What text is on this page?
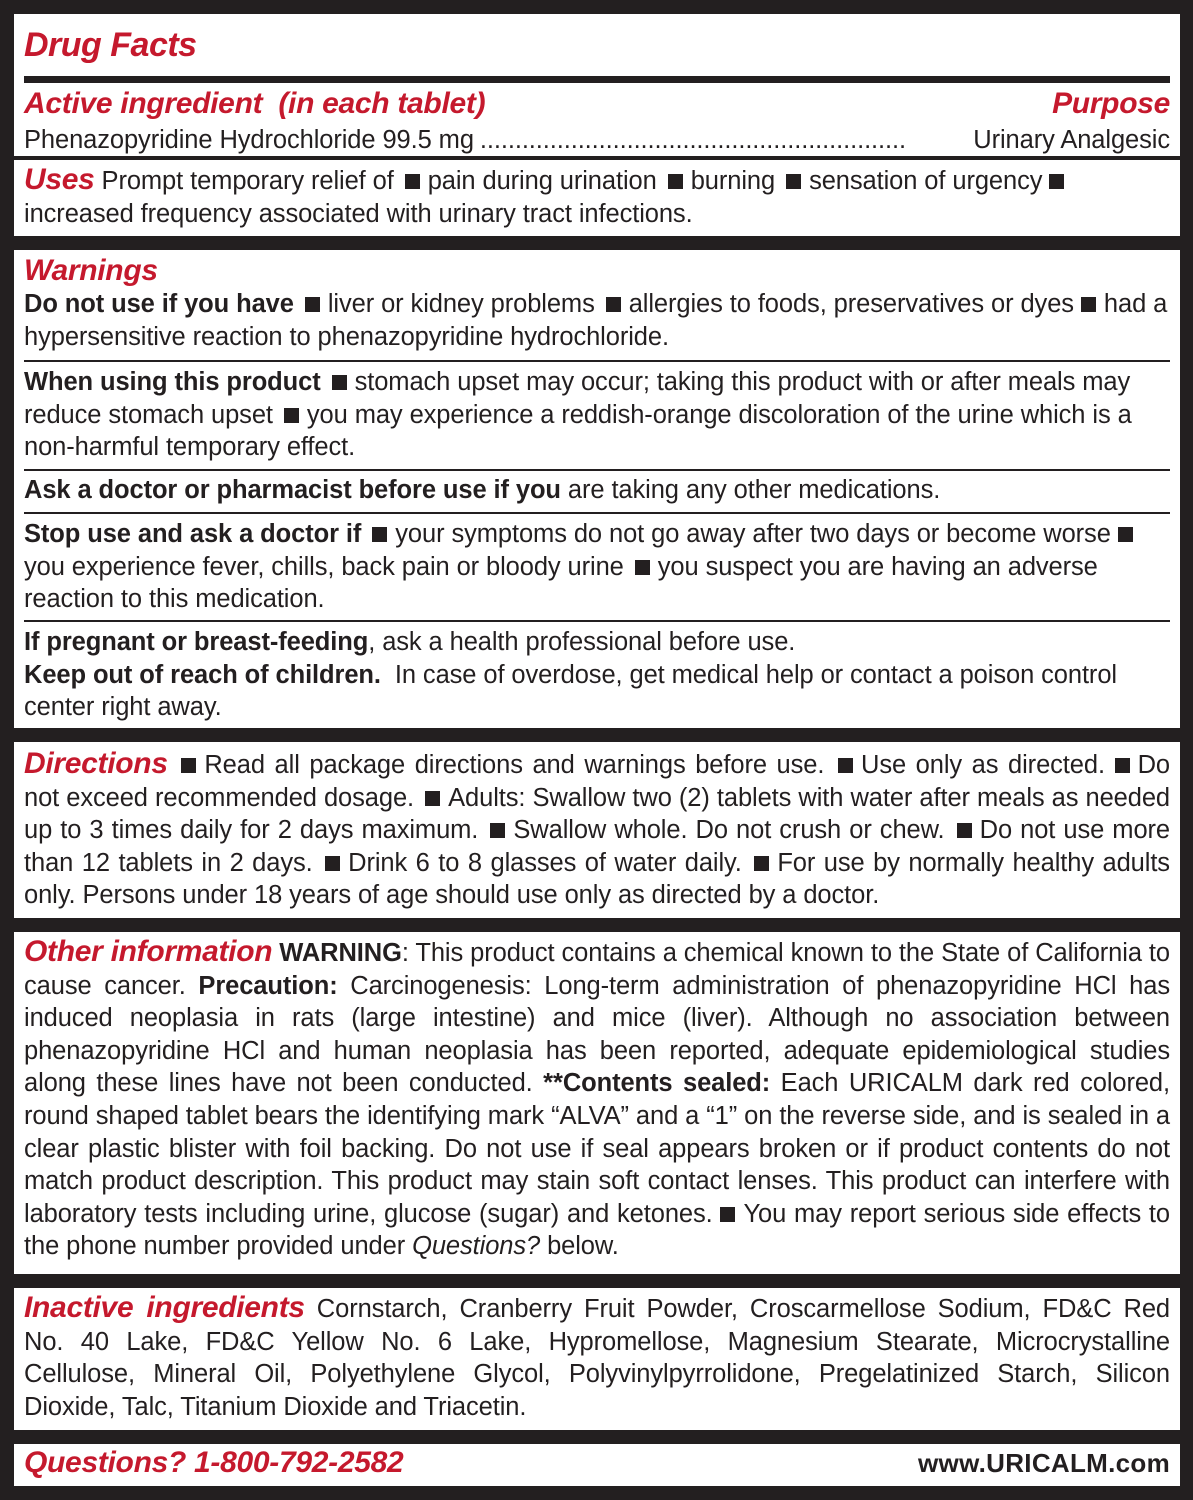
Drug Facts
Active ingredient  (in each tablet)	Purpose
Phenazopyridine Hydrochloride 99.5 mg .............................................................	Urinary Analgesic

Uses Prompt temporary relief of pain during urination burning sensation of urgency increased frequency associated with urinary tract infections.

Warnings

Do not use if you have liver or kidney problems allergies to foods, preservatives or dyes had a hypersensitive reaction to phenazopyridine hydrochloride.

When using this product stomach upset may occur; taking this product with or after meals may reduce stomach upset you may experience a reddish-orange discoloration of the urine which is a non-harmful temporary effect.

Ask a doctor or pharmacist before use if you are taking any other medications.

Stop use and ask a doctor if your symptoms do not go away after two days or become worse you experience fever, chills, back pain or bloody urine you suspect you are having an adverse reaction to this medication.

If pregnant or breast-feeding, ask a health professional before use.
Keep out of reach of children. In case of overdose, get medical help or contact a poison control center right away.

Directions Read all package directions and warnings before use. Use only as directed. Do not exceed recommended dosage. Adults: Swallow two (2) tablets with water after meals as needed up to 3 times daily for 2 days maximum. Swallow whole. Do not crush or chew. Do not use more than 12 tablets in 2 days. Drink 6 to 8 glasses of water daily. For use by normally healthy adults only. Persons under 18 years of age should use only as directed by a doctor.

Other information WARNING: This product contains a chemical known to the State of California to cause cancer. Precaution: Carcinogenesis: Long-term administration of phenazopyridine HCl has induced neoplasia in rats (large intestine) and mice (liver). Although no association between phenazopyridine HCl and human neoplasia has been reported, adequate epidemiological studies along these lines have not been conducted. **Contents sealed: Each URICALM dark red colored, round shaped tablet bears the identifying mark “ALVA” and a “1” on the reverse side, and is sealed in a clear plastic blister with foil backing. Do not use if seal appears broken or if product contents do not match product description. This product may stain soft contact lenses. This product can interfere with laboratory tests including urine, glucose (sugar) and ketones. You may report serious side effects to the phone number provided under Questions? below.

Inactive ingredients Cornstarch, Cranberry Fruit Powder, Croscarmellose Sodium, FD&C Red No. 40 Lake, FD&C Yellow No. 6 Lake, Hypromellose, Magnesium Stearate, Microcrystalline Cellulose, Mineral Oil, Polyethylene Glycol, Polyvinylpyrrolidone, Pregelatinized Starch, Silicon Dioxide, Talc, Titanium Dioxide and Triacetin.

Questions? 1-800-792-2582	www.URICALM.com
